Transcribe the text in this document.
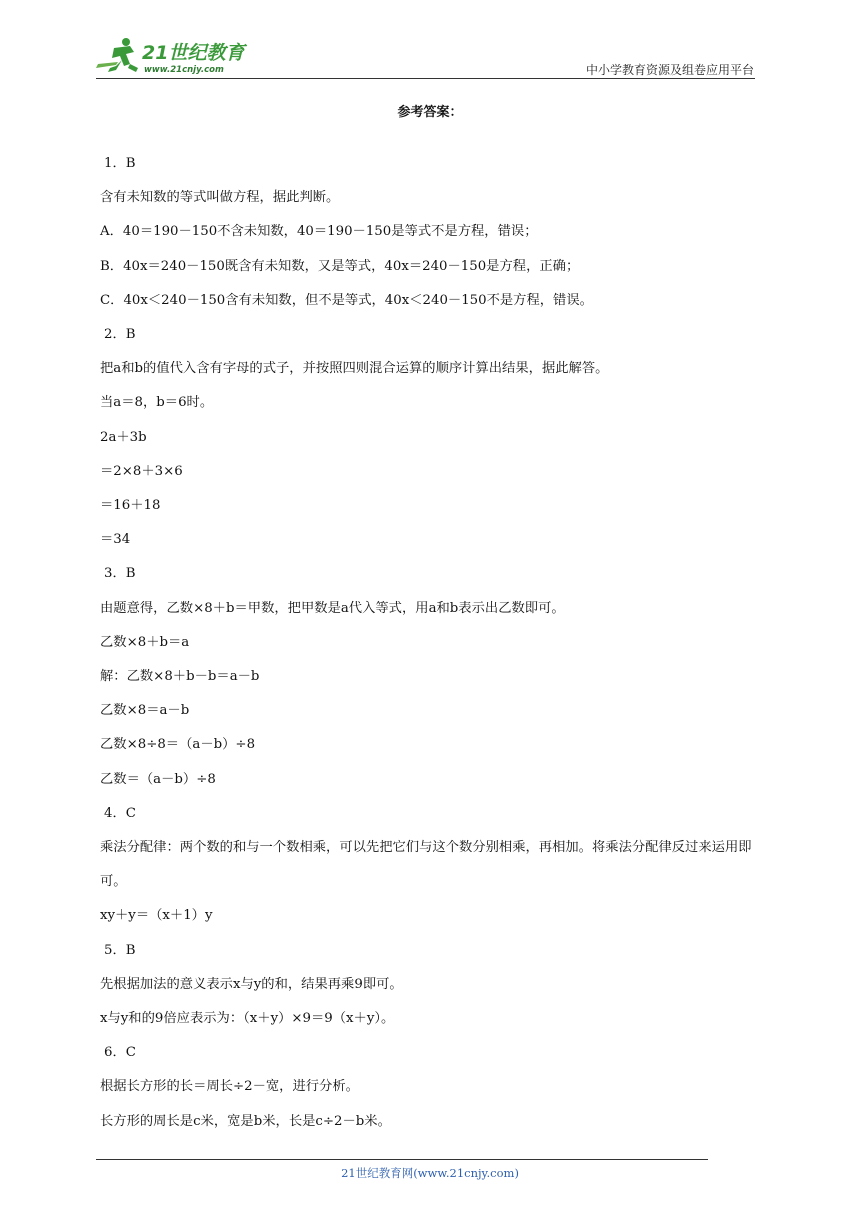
21世纪教育
www.21cnjy.com	中小学教育资源及组卷应用平台
参考答案：
1．B
含有未知数的等式叫做方程，据此判断。
A．40＝190－150不含未知数，40＝190－150是等式不是方程，错误；
B．40x＝240－150既含有未知数，又是等式，40x＝240－150是方程，正确；
C．40x＜240－150含有未知数，但不是等式，40x＜240－150不是方程，错误。
2．B
把a和b的值代入含有字母的式子，并按照四则混合运算的顺序计算出结果，据此解答。
当a＝8，b＝6时。
2a＋3b
＝2×8＋3×6
＝16＋18
＝34
3．B
由题意得，乙数×8＋b＝甲数，把甲数是a代入等式，用a和b表示出乙数即可。
乙数×8＋b＝a
解：乙数×8＋b－b＝a－b
乙数×8＝a－b
乙数×8÷8＝（a－b）÷8
乙数＝（a－b）÷8
4．C
乘法分配律：两个数的和与一个数相乘，可以先把它们与这个数分别相乘，再相加。将乘法分配律反过来运用即可。
xy＋y＝（x＋1）y
5．B
先根据加法的意义表示x与y的和，结果再乘9即可。
x与y和的9倍应表示为：（x＋y）×9＝9（x＋y）。
6．C
根据长方形的长＝周长÷2－宽，进行分析。
长方形的周长是c米，宽是b米，长是c÷2－b米。
21世纪教育网(www.21cnjy.com)
